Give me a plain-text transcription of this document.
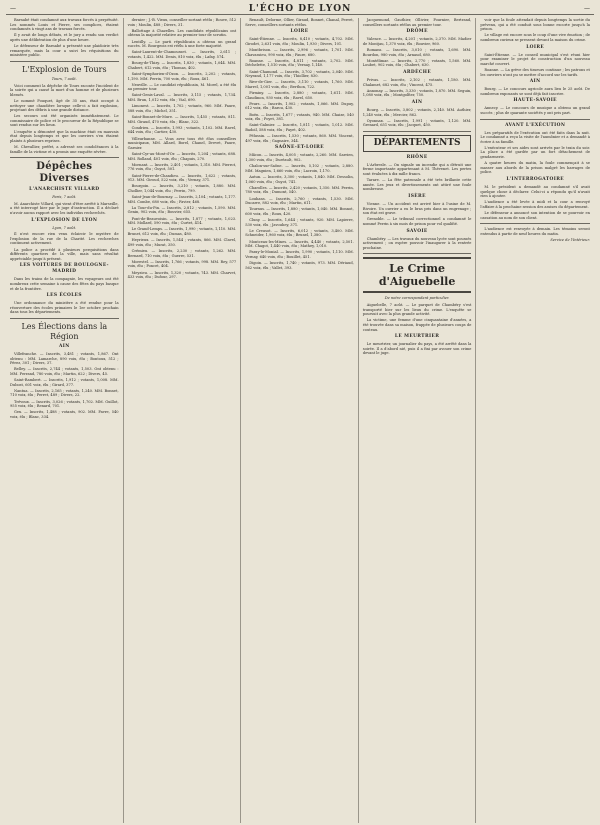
—	L'ÉCHO DE LYON	—

Barnabé était condamné aux travaux forcés à perpétuité. Les nommés Louis et Pierre, ses complices, étaient condamnés à vingt ans de travaux forcés.

Il y avait de longs débats, et le jury a rendu son verdict après une délibération de plus d'une heure.

Le défenseur de Barnabé a présenté une plaidoirie très remarquée, mais la cour a suivi les réquisitions du ministère public.

L'Explosion de Tours
Tours, 7 août.

Voici comment la dépêche de Tours raconte l'incident de la soirée qui a causé la mort d'un homme et de plusieurs blessés.

Le nommé Fouquet, âgé de 35 ans, était occupé à nettoyer une chaudière lorsque celle-ci a fait explosion, projetant des débris à une grande distance.

Les secours ont été organisés immédiatement. Le commissaire de police et le procureur de la République se sont rendus sur les lieux.

L'enquête a démontré que la machine était en mauvais état depuis longtemps et que les ouvriers s'en étaient plaints à plusieurs reprises.

M. Chevallier, préfet, a adressé ses condoléances à la famille de la victime et a promis une enquête sévère.

Dépêches Diverses
L'ANARCHISTE VILLARD
Paris, 7 août.

M. Anarchiste Villard, qui vient d'être arrêté à Marseille, a été interrogé hier par le juge d'instruction. Il a déclaré n'avoir aucun rapport avec les individus recherchés.

L'EXPLOSION DE LYON
Lyon, 7 août.

Il n'est encore rien venu éclaircir le mystère de l'explosion de la rue de la Charité. Les recherches continuent activement.

La police a procédé à plusieurs perquisitions dans différents quartiers de la ville, mais sans résultat appréciable jusqu'à présent.

LES VOITURES DE BOULOGNE-MADRID

Dans les trains de la compagnie, les voyageurs ont été nombreux cette semaine à cause des fêtes du pays basque et de la frontière.

LES ÉCOLES

Une ordonnance du ministère a été rendue pour la réouverture des écoles primaires le 1er octobre prochain dans tous les départements.

Les Élections dans la Région
AIN

Villefranche. — Inscrits, 3,481 ; votants, 1,867. Ont obtenu : MM. Lamarche, 890 voix, élu ; Bontoux, 512 ; Pérez, 301 ; Divers, 37.

Belley. — Inscrits, 2,744 ; votants, 1,503. Ont obtenu : MM. Ferrand, 780 voix, élu ; Martin, 622 ; Divers, 45.

Saint-Rambert. — Inscrits, 1,912 ; votants, 1,008. MM. Dubost, 601 voix, élu ; Girard, 377.

Nantua. — Inscrits, 2,165 ; votants, 1,240. MM. Bonnet, 710 voix, élu ; Perret, 489 ; Divers, 22.

Trévoux. — Inscrits, 3,026 ; votants, 1,702. MM. Guillot, 955 voix, élu ; Renard, 701.

Gex. — Inscrits, 1,488 ; votants, 902. MM. Favre, 540 voix, élu ; Blanc, 334.

dernier ; J.-B. Vieux, conseiller sortant réélu ; Rouve, 512 voix ; Moulin, 488 ; Divers, 31.

Ballottage à Chazelles. Les candidats républicains ont obtenu la majorité relative au premier tour de scrutin.

Lentilly. — Le parti républicain a obtenu un grand succès. M. Bourgeois est réélu à une forte majorité.

Saint-Laurent-de-Chamousset. — Inscrits, 2,611 ; votants, 1,422. MM. Denis, 810 voix, élu ; Lafay, 574.

Bourg-de-Thizy. — Inscrits, 1,830 ; votants, 1,044. MM. Chabert, 612 voix, élu ; Thomas, 402.

Saint-Symphorien-d'Ozon. — Inscrits, 2,202 ; votants, 1,190. MM. Perrin, 700 voix, élu ; Roux, 461.

Neuville. — Le candidat républicain, M. Morel, a été élu au premier tour.

Saint-Genis-Laval. — Inscrits, 3,115 ; votants, 1,734. MM. Brun, 1,012 voix, élu ; Vial, 690.

Limonest. — Inscrits, 1,702 ; votants, 960. MM. Faure, 588 voix, élu ; Michel, 351.

Saint-Bonnet-de-Mure. — Inscrits, 1,455 ; votants, 811. MM. Giraud, 470 voix, élu ; Blanc, 322.

Condrieu. — Inscrits, 1,993 ; votants, 1,102. MM. Ravel, 644 voix, élu ; Cartier, 430.

Villeurbanne. — Vous avez tous été élus conseillers municipaux, MM. Allard, Borel, Chanel, Drevet, Faure, Garnier.

Saint-Cyr-au-Mont-d'Or. — Inscrits, 1,204 ; votants, 688. MM. Rolland, 401 voix, élu ; Chapuis, 270.

Mornant. — Inscrits, 2,401 ; votants, 1,310. MM. Pierrot, 776 voix, élu ; Guyot, 501.

Saint-Pierre-de-Chandieu. — Inscrits, 1,622 ; votants, 913. MM. Giroud, 522 voix, élu ; Vernay, 371.

Bourgoin. — Inscrits, 3,210 ; votants, 1,880. MM. Chollier, 1,044 voix, élu ; Perrin, 799.

Saint-Jean-de-Bournay. — Inscrits, 2,104 ; votants, 1,177. MM. Combe, 680 voix, élu ; Favier, 468.

La Tour-du-Pin. — Inscrits, 2,812 ; votants, 1,590. MM. Genin, 902 voix, élu ; Bouvier, 655.

Pont-de-Beauvoisin. — Inscrits, 1,877 ; votants, 1,023. MM. Mollard, 590 voix, élu ; Curtet, 414.

Le Grand-Lemps. — Inscrits, 1,990 ; votants, 1,110. MM. Brunet, 612 voix, élu ; Dumas, 480.

Heyrieux. — Inscrits, 1,544 ; votants, 866. MM. Clavel, 499 voix, élu ; Murat, 350.

Crémieu. — Inscrits, 2,230 ; votants, 1,262. MM. Bernard, 710 voix, élu ; Guerre, 531.

Morestel. — Inscrits, 1,766 ; votants, 998. MM. Rey, 577 voix, élu ; Poncet, 404.

Meyzieu. — Inscrits, 1,320 ; votants, 743. MM. Charvet, 433 voix, élu ; Dufour, 297.

Renault, Delorme, Ollier, Giraud, Bonnet, Chanal, Perret, Serve, conseillers sortants réélus.

LOIRE

Saint-Étienne. — Inscrits, 8,410 ; votants, 4,702. MM. Girodet, 2,631 voix, élu ; Moulin, 1,930 ; Divers, 101.

Montbrison. — Inscrits, 2,996 ; votants, 1,701. MM. Chavassieu, 990 voix, élu ; Faure, 680.

Roanne. — Inscrits, 4,811 ; votants, 2,702. MM. Déchelette, 1,510 voix, élu ; Vernay, 1,140.

Saint-Chamond. — Inscrits, 3,702 ; votants, 2,040. MM. Neyrand, 1,177 voix, élu ; Thiollier, 830.

Rive-de-Gier. — Inscrits, 3,110 ; votants, 1,760. MM. Marrel, 1,001 voix, élu ; Berthon, 722.

Firminy. — Inscrits, 2,880 ; votants, 1,611. MM. Claudinon, 930 voix, élu ; Ravel, 650.

Feurs. — Inscrits, 1,902 ; votants, 1,066. MM. Dupuy, 612 voix, élu ; Barou, 430.

Boën. — Inscrits, 1,677 ; votants, 940. MM. Chaize, 540 voix, élu ; Poyet, 381.

Saint-Galmier. — Inscrits, 1,811 ; votants, 1,012. MM. Badoil, 588 voix, élu ; Fayet, 402.

Pélussin. — Inscrits, 1,530 ; votants, 860. MM. Vincent, 497 voix, élu ; Gagnaire, 344.

SAÔNE-ET-LOIRE

Mâcon. — Inscrits, 4,005 ; votants, 2,260. MM. Sarrien, 1,300 voix, élu ; Duréault, 902.

Chalon-sur-Saône. — Inscrits, 5,102 ; votants, 2,880. MM. Magnien, 1,660 voix, élu ; Lacroix, 1,170.

Autun. — Inscrits, 3,300 ; votants, 1,840. MM. Dessolin, 1,060 voix, élu ; Guyot, 741.

Charolles. — Inscrits, 2,420 ; votants, 1,350. MM. Perrin, 780 voix, élu ; Dumont, 540.

Louhans. — Inscrits, 2,760 ; votants, 1,530. MM. Ducarre, 882 voix, élu ; Martin, 611.

Tournus. — Inscrits, 1,880 ; votants, 1,040. MM. Bonnot, 600 voix, élu ; Roux, 420.

Cluny. — Inscrits, 1,644 ; votants, 920. MM. Lapierre, 530 voix, élu ; Javouhey, 371.

Le Creusot. — Inscrits, 6,012 ; votants, 3,400. MM. Schneider, 1,960 voix, élu ; Brunel, 1,380.

Montceau-les-Mines. — Inscrits, 4,440 ; votants, 2,501. MM. Chagot, 1,440 voix, élu ; Mathey, 1,010.

Paray-le-Monial. — Inscrits, 1,990 ; votants, 1,110. MM. Vernay, 640 voix, élu ; Bouillet, 451.

Digoin. — Inscrits, 1,740 ; votants, 973. MM. Dériaud, 562 voix, élu ; Vallet, 393.

Jacquemond, Gauthier, Ollivier, Fournier, Bertrand, conseillers sortants réélus au premier tour.

DRÔME

Valence. — Inscrits, 4,201 ; votants, 2,370. MM. Madier de Montjau, 1,370 voix, élu ; Bouvier, 960.

Romans. — Inscrits, 3,010 ; votants, 1,690. MM. Bourdon, 980 voix, élu ; Arnaud, 680.

Montélimar. — Inscrits, 2,770 ; votants, 1,560. MM. Loubet, 902 voix, élu ; Chabert, 630.

ARDÈCHE

Privas. — Inscrits, 2,102 ; votants, 1,180. MM. Chalamet, 682 voix, élu ; Vincent, 475.

Annonay. — Inscrits, 3,330 ; votants, 1,870. MM. Seguin, 1,080 voix, élu ; Montgolfier, 750.

AIN

Bourg. — Inscrits, 3,802 ; votants, 2,140. MM. Authier, 1,240 voix, élu ; Mercier, 862.

Oyonnax. — Inscrits, 1,991 ; votants, 1,120. MM. Grenard, 651 voix, élu ; Jacquet, 450.

DÉPARTEMENTS
RHÔNE

L'Arbresle. — On signale un incendie qui a détruit une ferme importante appartenant à M. Thévenet. Les pertes sont évaluées à dix mille francs.

Tarare. — La fête patronale a été très brillante cette année. Les jeux et divertissements ont attiré une foule nombreuse.

ISÈRE

Vienne. — Un accident est arrivé hier à l'usine de M. Rivoire. Un ouvrier a eu le bras pris dans un engrenage ; son état est grave.

Grenoble. — Le tribunal correctionnel a condamné le nommé Perrin à six mois de prison pour vol qualifié.

SAVOIE

Chambéry. — Les travaux du nouveau lycée sont poussés activement ; on espère pouvoir l'inaugurer à la rentrée prochaine.

Le Crime d'Aiguebelle
De notre correspondant particulier.

Aiguebelle, 7 août. — Le parquet de Chambéry s'est transporté hier sur les lieux du crime. L'enquête se poursuit avec la plus grande activité.

La victime, une femme d'une cinquantaine d'années, a été trouvée dans sa maison, frappée de plusieurs coups de couteau.

LE MEURTRIER

Le meurtrier, un journalier du pays, a été arrêté dans la soirée. Il a d'abord nié, puis il a fini par avouer son crime devant le juge.

voir que la foule attendait depuis longtemps la sortie du prévenu, qui a été conduit sous bonne escorte jusqu'à la prison.

Le village est encore sous le coup d'une vive émotion ; de nombreux curieux se pressent devant la maison du crime.

LOIRE

Saint-Étienne. — Le conseil municipal s'est réuni hier pour examiner le projet de construction d'un nouveau marché couvert.

Roanne. — La grève des tisseurs continue ; les patrons et les ouvriers n'ont pu se mettre d'accord sur les tarifs.

AIN

Bourg. — Le concours agricole aura lieu le 25 août. De nombreux exposants se sont déjà fait inscrire.

HAUTE-SAVOIE

Annecy. — Le concours de musique a obtenu un grand succès ; plus de quarante sociétés y ont pris part.

AVANT L'EXÉCUTION

Les préparatifs de l'exécution ont été faits dans la nuit. Le condamné a reçu la visite de l'aumônier et a demandé à écrire à sa famille.

L'exécuteur et ses aides sont arrivés par le train du soir. La place a été gardée par un fort détachement de gendarmerie.

A quatre heures du matin, la foule commençait à se masser aux abords de la prison malgré les barrages de police.

L'INTERROGATOIRE

M. le président a demandé au condamné s'il avait quelque chose à déclarer. Celui-ci a répondu qu'il n'avait rien à ajouter.

L'audience a été levée à midi et la cour a renvoyé l'affaire à la prochaine session des assises du département.

Le défenseur a annoncé son intention de se pourvoir en cassation au nom de son client.

L'audience est renvoyée à demain. Les témoins seront entendus à partir de neuf heures du matin.

Service de l'Intérieur.
